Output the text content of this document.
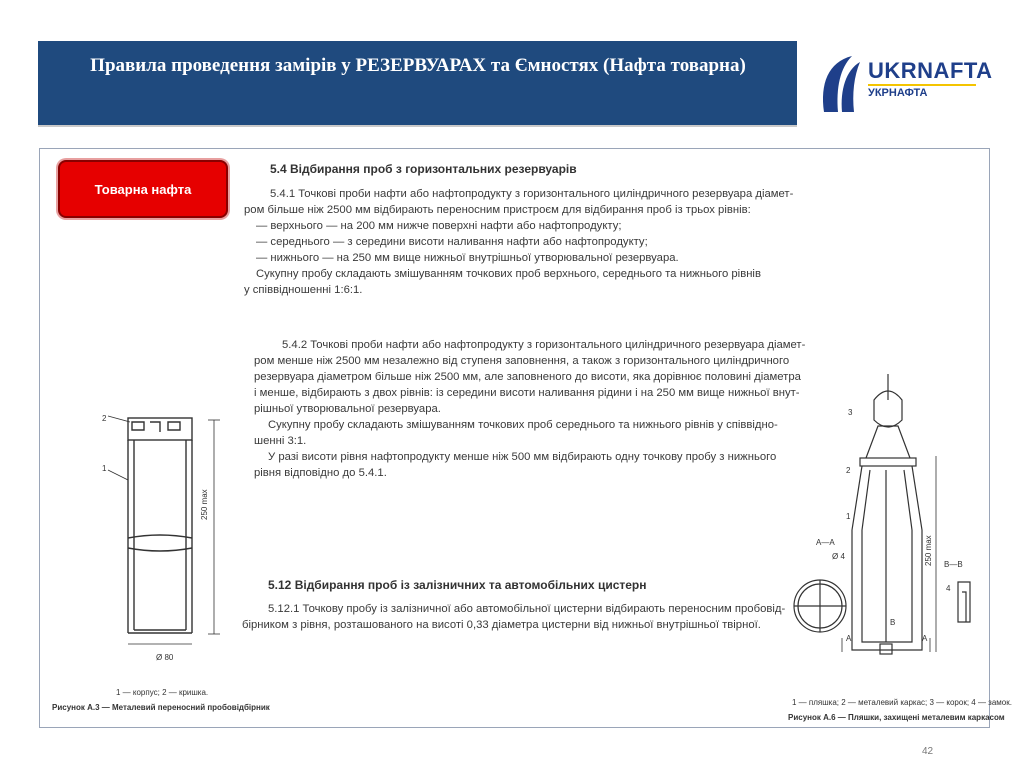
Правила проведення замірів у РЕЗЕРВУАРАХ та Ємностях (Нафта товарна)	UKRNAFTA
УКРНАФТА
Товарна нафта
5.4 Відбирання проб з горизонтальних резервуарів
5.4.1 Точкові проби нафти або нафтопродукту з горизонтального циліндричного резервуара діамет-
ром більше ніж 2500 мм відбирають переносним пристроєм для відбирання проб із трьох рівнів:
— верхнього — на 200 мм нижче поверхні нафти або нафтопродукту;
— середнього — з середини висоти наливання нафти або нафтопродукту;
— нижнього — на 250 мм вище нижньої внутрішньої утворювальної резервуара.
Сукупну пробу складають змішуванням точкових проб верхнього, середнього та нижнього рівнів
у співвідношенні 1:6:1.
5.4.2 Точкові проби нафти або нафтопродукту з горизонтального циліндричного резервуара діамет-
ром менше ніж 2500 мм незалежно від ступеня заповнення, а також з горизонтального циліндричного
резервуара діаметром більше ніж 2500 мм, але заповненого до висоти, яка дорівнює половині діаметра
і менше, відбирають з двох рівнів: із середини висоти наливання рідини і на 250 мм вище нижньої внут-
рішньої утворювальної резервуара.
Сукупну пробу складають змішуванням точкових проб середнього та нижнього рівнів у співвідно-
шенні 3:1.
У разі висоти рівня нафтопродукту менше ніж 500 мм відбирають одну точкову пробу з нижнього
рівня відповідно до 5.4.1.
5.12 Відбирання проб із залізничних та автомобільних цистерн
5.12.1 Точкову пробу із залізничної або автомобільної цистерни відбирають переносним пробовід-
бірником з рівня, розташованого на висоті 0,33 діаметра цистерни від нижньої внутрішньої твірної.
2
1
250 max
Ø 80
1 — корпус; 2 — кришка.
Рисунок А.3 — Металевий переносний пробовідбірник
3
2
1
4
А—А
В—В
Ø 4	250 max
А	А
В
1 — пляшка; 2 — металевий каркас; 3 — корок; 4 — замок.
Рисунок А.6 — Пляшки, захищені металевим каркасом
42
